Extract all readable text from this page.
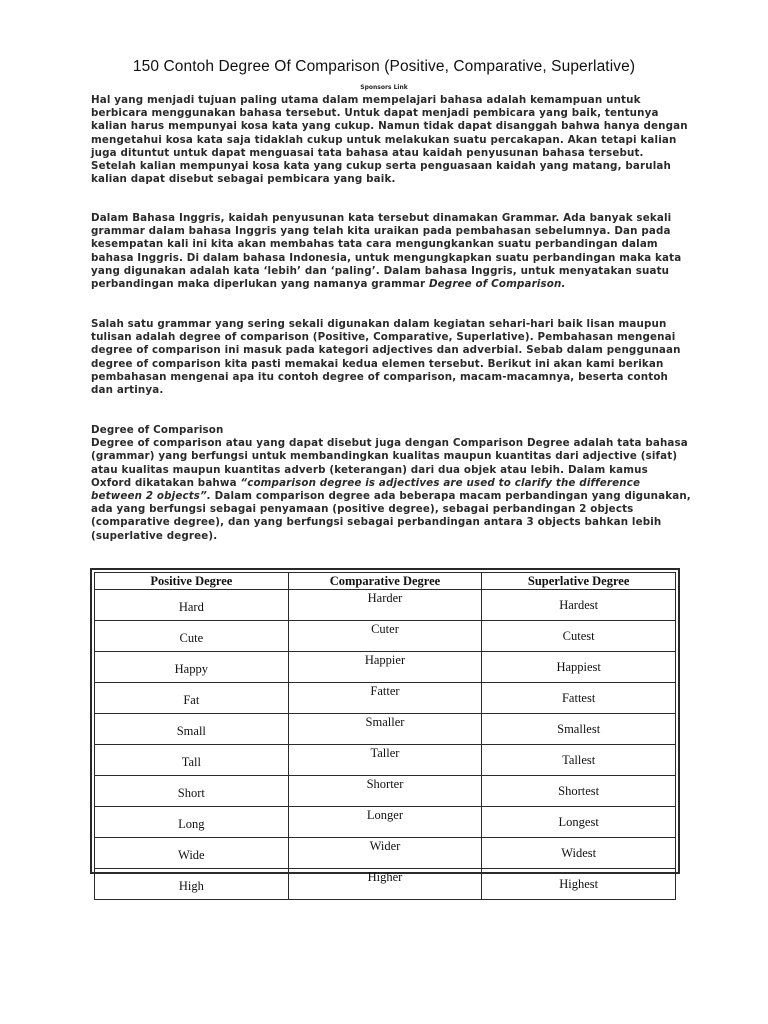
150 Contoh Degree Of Comparison (Positive, Comparative, Superlative)
Sponsors Link

Hal yang menjadi tujuan paling utama dalam mempelajari bahasa adalah kemampuan untuk berbicara menggunakan bahasa tersebut. Untuk dapat menjadi pembicara yang baik, tentunya kalian harus mempunyai kosa kata yang cukup. Namun tidak dapat disanggah bahwa hanya dengan mengetahui kosa kata saja tidaklah cukup untuk melakukan suatu percakapan. Akan tetapi kalian juga dituntut untuk dapat menguasai tata bahasa atau kaidah penyusunan bahasa tersebut. Setelah kalian mempunyai kosa kata yang cukup serta penguasaan kaidah yang matang, barulah kalian dapat disebut sebagai pembicara yang baik.

Dalam Bahasa Inggris, kaidah penyusunan kata tersebut dinamakan Grammar. Ada banyak sekali grammar dalam bahasa Inggris yang telah kita uraikan pada pembahasan sebelumnya. Dan pada kesempatan kali ini kita akan membahas tata cara mengungkankan suatu perbandingan dalam bahasa Inggris. Di dalam bahasa Indonesia, untuk mengungkapkan suatu perbandingan maka kata yang digunakan adalah kata ‘lebih’ dan ‘paling’. Dalam bahasa Inggris, untuk menyatakan suatu perbandingan maka diperlukan yang namanya grammar Degree of Comparison.

Salah satu grammar yang sering sekali digunakan dalam kegiatan sehari-hari baik lisan maupun tulisan adalah degree of comparison (Positive, Comparative, Superlative). Pembahasan mengenai degree of comparison ini masuk pada kategori adjectives dan adverbial. Sebab dalam penggunaan degree of comparison kita pasti memakai kedua elemen tersebut. Berikut ini akan kami berikan pembahasan mengenai apa itu contoh degree of comparison, macam-macamnya, beserta contoh dan artinya.

Degree of Comparison

Degree of comparison atau yang dapat disebut juga dengan Comparison Degree adalah tata bahasa (grammar) yang berfungsi untuk membandingkan kualitas maupun kuantitas dari adjective (sifat) atau kualitas maupun kuantitas adverb (keterangan) dari dua objek atau lebih. Dalam kamus Oxford dikatakan bahwa “comparison degree is adjectives are used to clarify the difference between 2 objects”. Dalam comparison degree ada beberapa macam perbandingan yang digunakan, ada yang berfungsi sebagai penyamaan (positive degree), sebagai perbandingan 2 objects (comparative degree), dan yang berfungsi sebagai perbandingan antara 3 objects bahkan lebih (superlative degree).

Positive Degree	Comparative Degree	Superlative Degree
Hard	Harder	Hardest
Cute	Cuter	Cutest
Happy	Happier	Happiest
Fat	Fatter	Fattest
Small	Smaller	Smallest
Tall	Taller	Tallest
Short	Shorter	Shortest
Long	Longer	Longest
Wide	Wider	Widest
High	Higher	Highest
